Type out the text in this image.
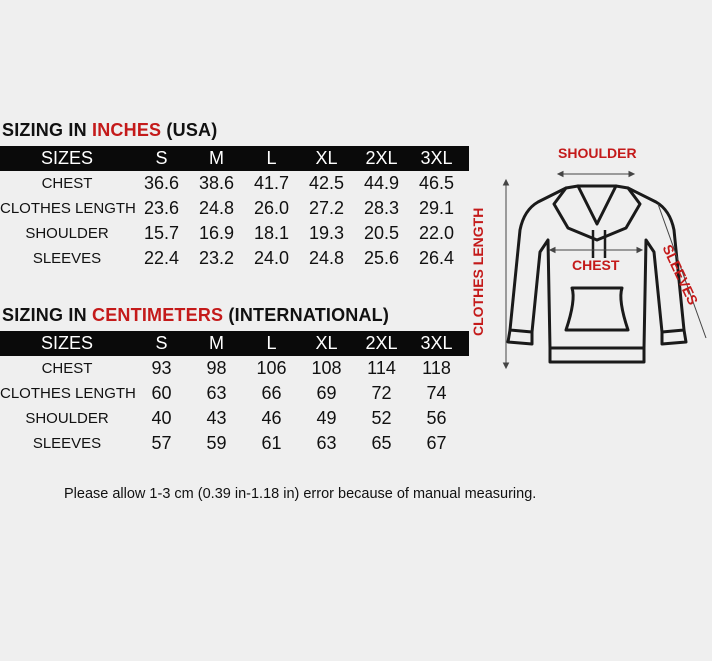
SIZING IN INCHES (USA)
SIZES	S	M	L	XL	2XL	3XL
CHEST	36.6	38.6	41.7	42.5	44.9	46.5
CLOTHES LENGTH 23.6	24.8	26.0	27.2	28.3	29.1
SHOULDER	15.7	16.9	18.1	19.3	20.5	22.0
SLEEVES	22.4	23.2	24.0	24.8	25.6	26.4
SIZING IN CENTIMETERS (INTERNATIONAL)
SIZES	S	M	L	XL	2XL	3XL
CHEST	93	98	106	108	114	118
CLOTHES LENGTH 60	63	66	69	72	74
SHOULDER	40	43	46	49	52	56
SLEEVES	57	59	61	63	65	67
SHOULDER
CHEST	SLEEVES
CLOTHES LENGTH
Please allow 1-3 cm (0.39 in-1.18 in) error because of manual measuring.
